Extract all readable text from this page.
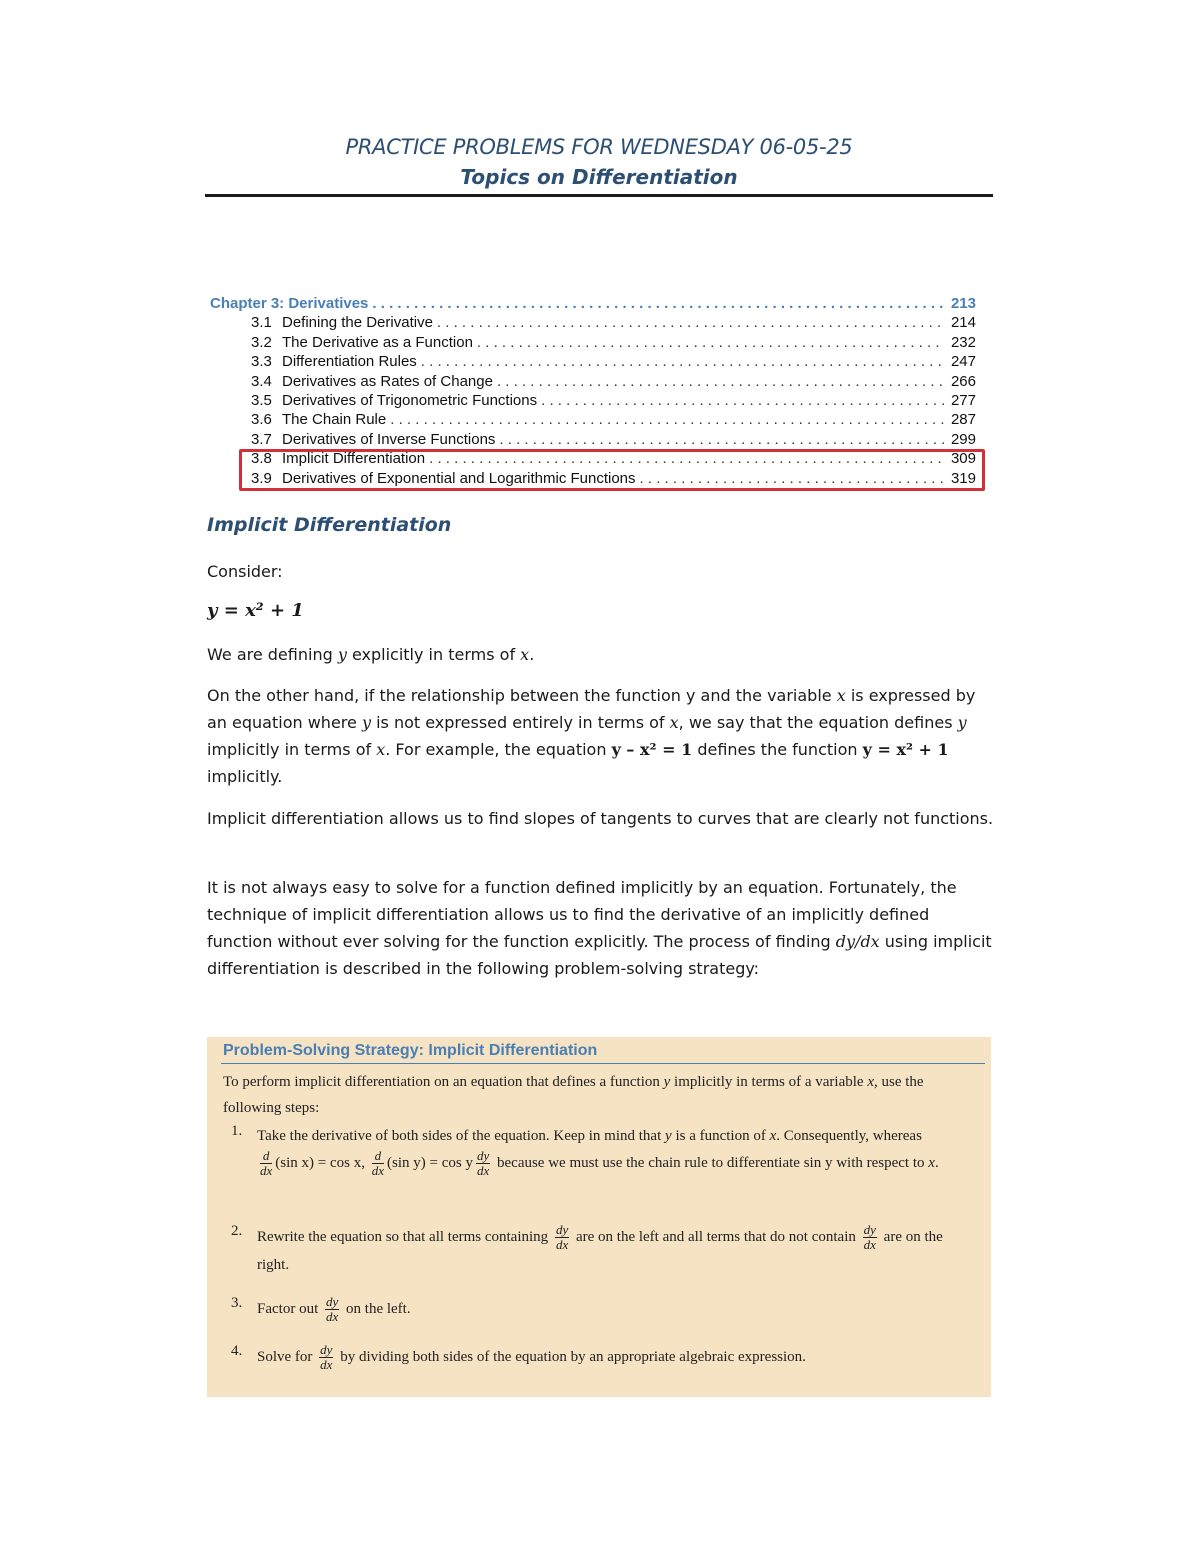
PRACTICE PROBLEMS FOR WEDNESDAY 06-05-25
Topics on Differentiation
Chapter 3: Derivatives . . .	213
3.1 Defining the Derivative . . .	214
3.2 The Derivative as a Function . . .	232
3.3 Differentiation Rules . . .	247
3.4 Derivatives as Rates of Change . . .	266
3.5 Derivatives of Trigonometric Functions . . .	277
3.6 The Chain Rule . . .	287
3.7 Derivatives of Inverse Functions . . .	299
3.8 Implicit Differentiation . . .	309
3.9 Derivatives of Exponential and Logarithmic Functions . . .	319
Implicit Differentiation
Consider:
y = x² + 1
We are defining y explicitly in terms of x.
On the other hand, if the relationship between the function y and the variable x is expressed by an equation where y is not expressed entirely in terms of x, we say that the equation defines y implicitly in terms of x. For example, the equation y – x² = 1 defines the function y = x² + 1 implicitly.
Implicit differentiation allows us to find slopes of tangents to curves that are clearly not functions.
It is not always easy to solve for a function defined implicitly by an equation. Fortunately, the technique of implicit differentiation allows us to find the derivative of an implicitly defined function without ever solving for the function explicitly. The process of finding dy/dx using implicit differentiation is described in the following problem-solving strategy:
Problem-Solving Strategy: Implicit Differentiation
To perform implicit differentiation on an equation that defines a function y implicitly in terms of a variable x, use the following steps:
1. Take the derivative of both sides of the equation. Keep in mind that y is a function of x. Consequently, whereas

$\frac{d}{dx} (\sin$ x) = cos x, $\frac{d}{dx} (\sin$ y) = cos y $\frac{dy}{dx}$ because we must use the chain rule to differentiate sin y with respect to x.
2. Rewrite the equation so that all terms containing $\frac{dy}{dx}$ are on the left and all terms that do not contain $\frac{dy}{dx}$ are on the right.
3. Factor out $\frac{dy}{dx}$ on the left.
4. Solve for $\frac{dy}{dx}$ by dividing both sides of the equation by an appropriate algebraic expression.
